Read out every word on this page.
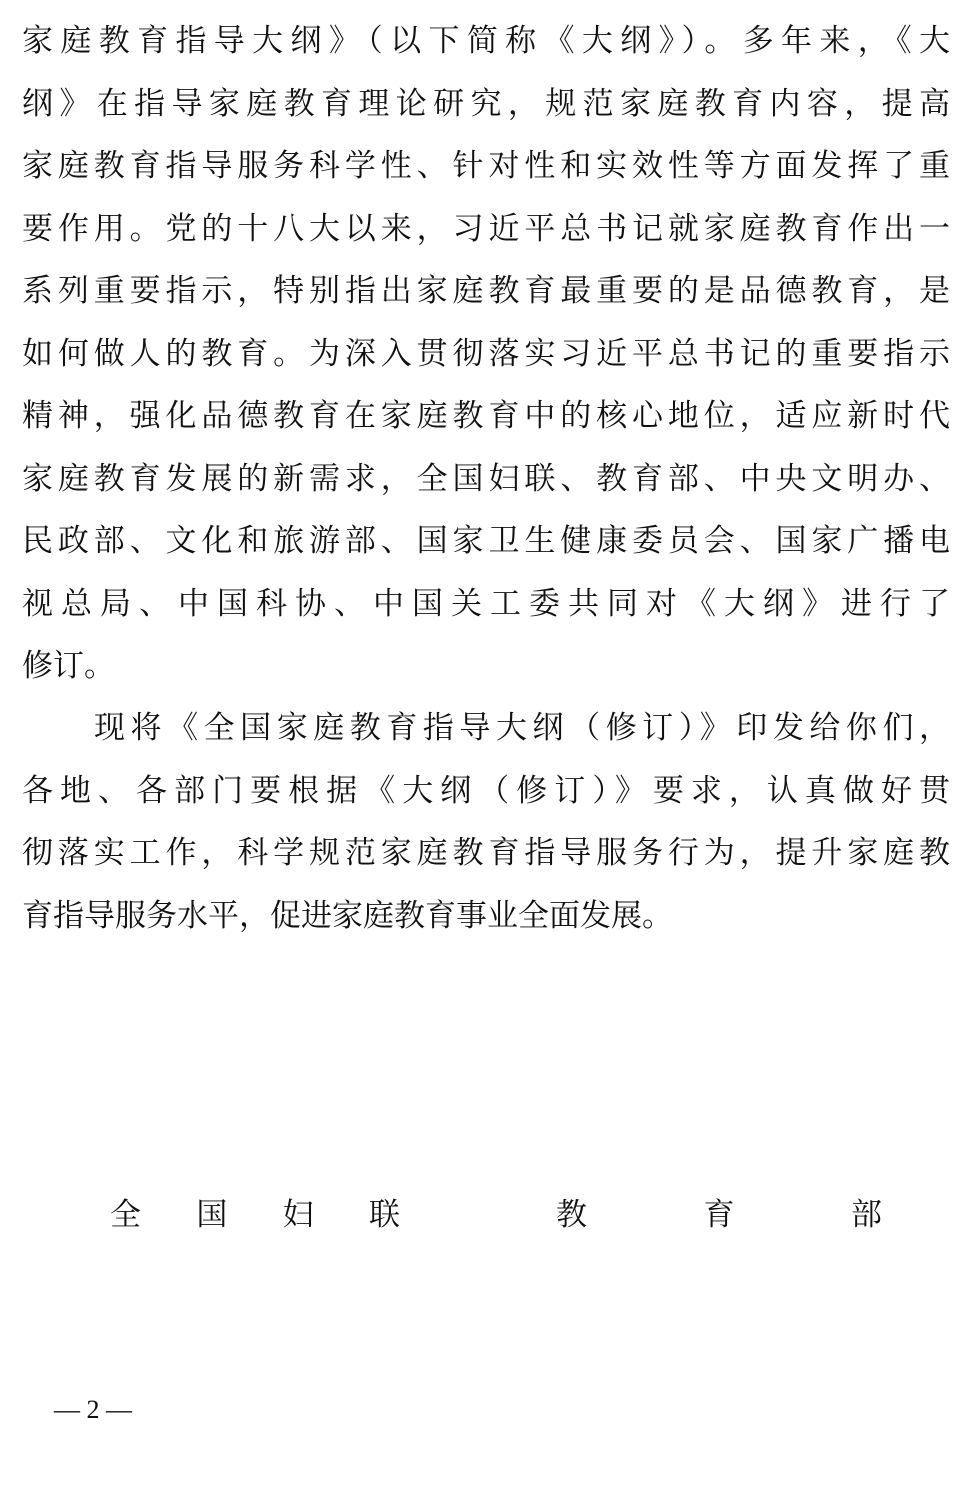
家庭教育指导大纲》（以下简称《大纲》）。多年来，《大
纲》在指导家庭教育理论研究，规范家庭教育内容，提高
家庭教育指导服务科学性、针对性和实效性等方面发挥了重
要作用。党的十八大以来，习近平总书记就家庭教育作出一
系列重要指示，特别指出家庭教育最重要的是品德教育，是
如何做人的教育。为深入贯彻落实习近平总书记的重要指示
精神，强化品德教育在家庭教育中的核心地位，适应新时代
家庭教育发展的新需求，全国妇联、教育部、中央文明办、
民政部、文化和旅游部、国家卫生健康委员会、国家广播电
视总局、中国科协、中国关工委共同对《大纲》进行了
修订。
现将《全国家庭教育指导大纲（修订）》印发给你们，
各地、各部门要根据《大纲（修订）》要求，认真做好贯
彻落实工作，科学规范家庭教育指导服务行为，提升家庭教
育指导服务水平，促进家庭教育事业全面发展。
全 国 妇 联	教 育 部
— 2 —
